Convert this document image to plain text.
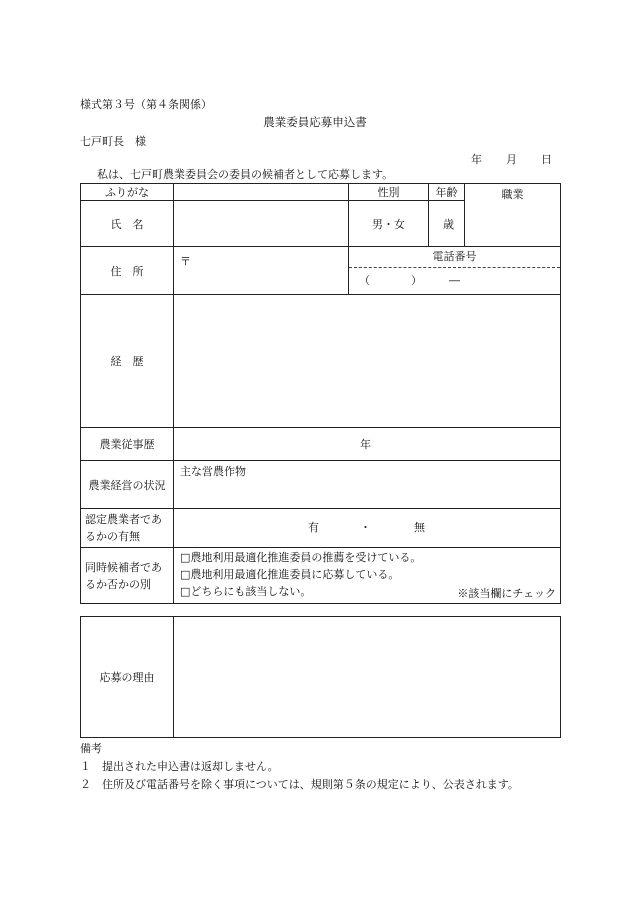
様式第３号（第４条関係）
農業委員応募申込書
七戸町長　様
年 月 日
私は、七戸町農業委員会の委員の候補者として応募します。
ふりがな		性別	年齢	職業
氏　名		男・女	歳	
住　所	〒	電話番号
（ ） ―		

経　歴				
農業従事歴	年			
農業経営の状況	主な営農作物			
認定農業者であるかの有無	有 ・ 無			

同時候補者であるか否かの別	□農地利用最適化推進委員の推薦を受けている。
□農地利用最適化推進委員に応募している。
□どちらにも該当しない。 ※該当欄にチェック			
応募の理由	
備考
１　提出された申込書は返却しません。
２　住所及び電話番号を除く事項については、規則第５条の規定により、公表されます。
